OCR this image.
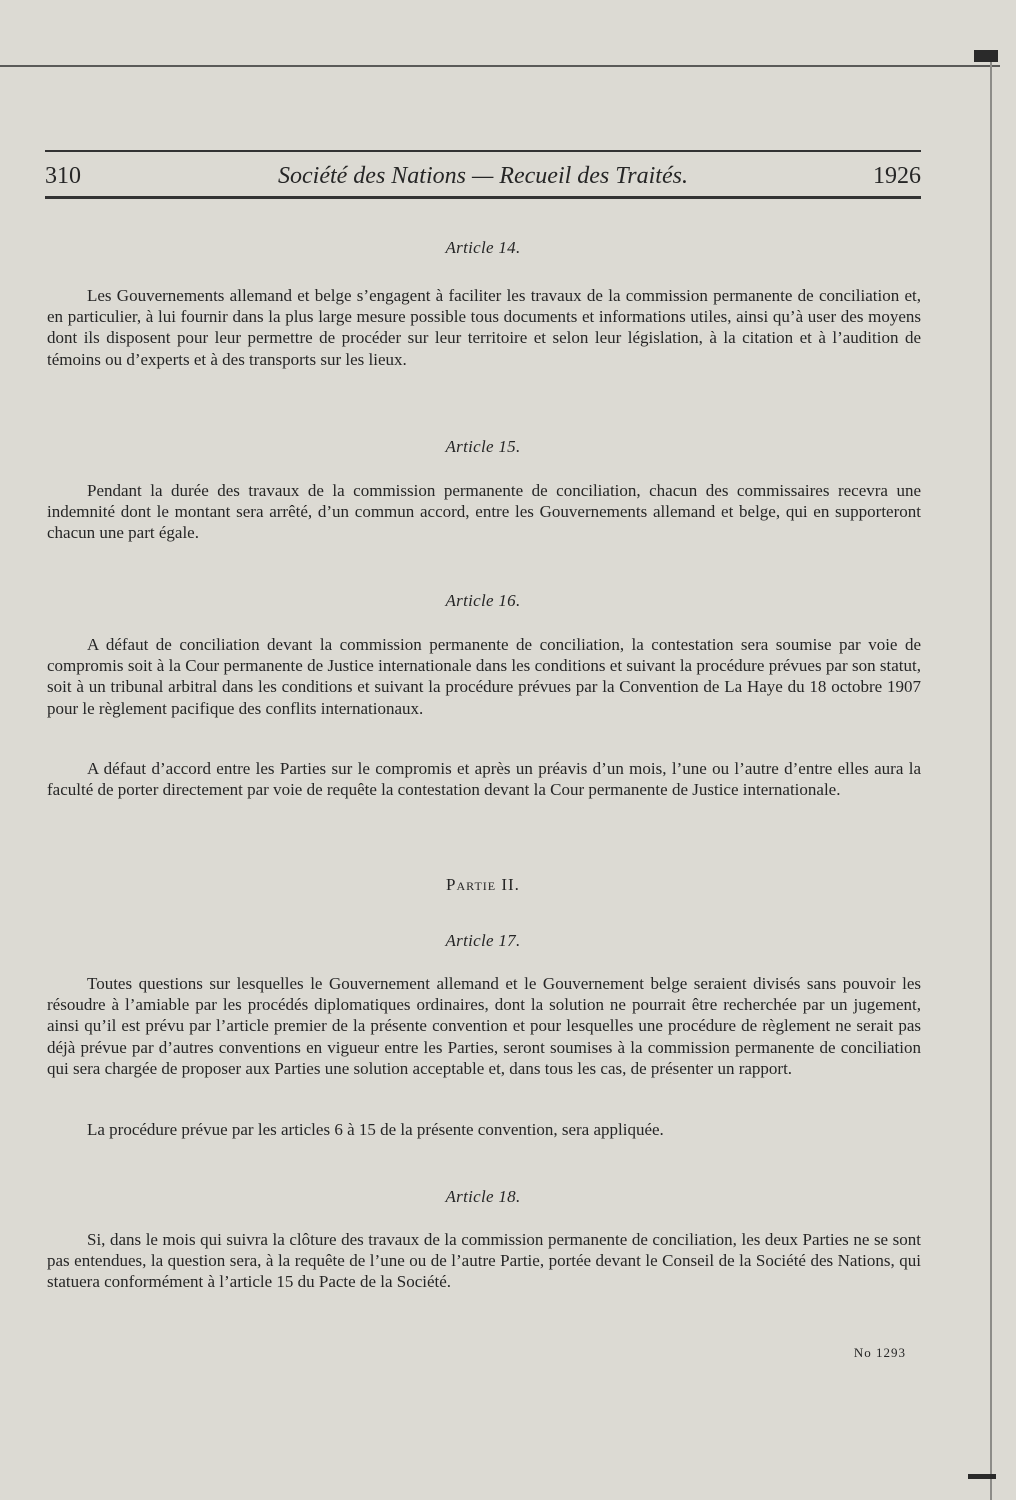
310	Société des Nations — Recueil des Traités.	1926
Article 14.

Les Gouvernements allemand et belge s’engagent à faciliter les travaux de la commission permanente de conciliation et, en particulier, à lui fournir dans la plus large mesure possible tous documents et informations utiles, ainsi qu’à user des moyens dont ils disposent pour leur permettre de procéder sur leur territoire et selon leur législation, à la citation et à l’audition de témoins ou d’experts et à des transports sur les lieux.

Article 15.

Pendant la durée des travaux de la commission permanente de conciliation, chacun des commissaires recevra une indemnité dont le montant sera arrêté, d’un commun accord, entre les Gouvernements allemand et belge, qui en supporteront chacun une part égale.

Article 16.

A défaut de conciliation devant la commission permanente de conciliation, la contestation sera soumise par voie de compromis soit à la Cour permanente de Justice internationale dans les conditions et suivant la procédure prévues par son statut, soit à un tribunal arbitral dans les conditions et suivant la procédure prévues par la Convention de La Haye du 18 octobre 1907 pour le règlement pacifique des conflits internationaux.

A défaut d’accord entre les Parties sur le compromis et après un préavis d’un mois, l’une ou l’autre d’entre elles aura la faculté de porter directement par voie de requête la contestation devant la Cour permanente de Justice internationale.

Partie II.
Article 17.

Toutes questions sur lesquelles le Gouvernement allemand et le Gouvernement belge seraient divisés sans pouvoir les résoudre à l’amiable par les procédés diplomatiques ordinaires, dont la solution ne pourrait être recherchée par un jugement, ainsi qu’il est prévu par l’article premier de la présente convention et pour lesquelles une procédure de règlement ne serait pas déjà prévue par d’autres conventions en vigueur entre les Parties, seront soumises à la commission permanente de conciliation qui sera chargée de proposer aux Parties une solution acceptable et, dans tous les cas, de présenter un rapport.

La procédure prévue par les articles 6 à 15 de la présente convention, sera appliquée.

Article 18.

Si, dans le mois qui suivra la clôture des travaux de la commission permanente de conciliation, les deux Parties ne se sont pas entendues, la question sera, à la requête de l’une ou de l’autre Partie, portée devant le Conseil de la Société des Nations, qui statuera conformément à l’article 15 du Pacte de la Société.

No 1293
